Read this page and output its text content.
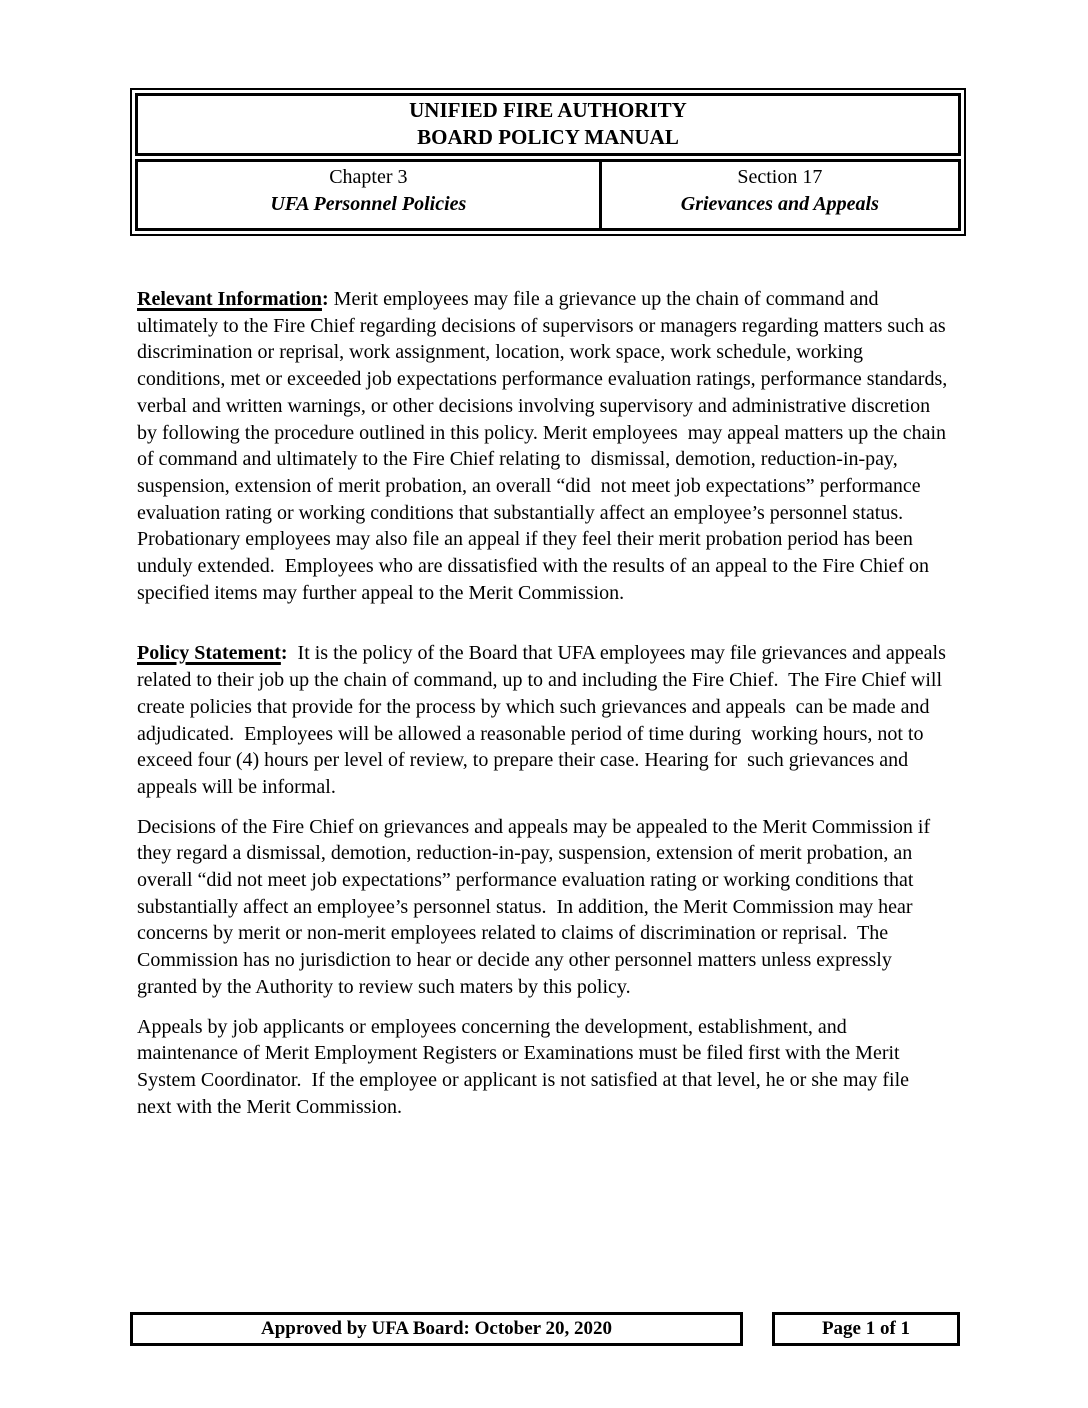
UNIFIED FIRE AUTHORITY
BOARD POLICY MANUAL
Chapter 3
UFA Personnel Policies
Section 17
Grievances and Appeals

Relevant Information: Merit employees may file a grievance up the chain of command and ultimately to the Fire Chief regarding decisions of supervisors or managers regarding matters such as discrimination or reprisal, work assignment, location, work space, work schedule, working conditions, met or exceeded job expectations performance evaluation ratings, performance standards, verbal and written warnings, or other decisions involving supervisory and administrative discretion by following the procedure outlined in this policy. Merit employees  may appeal matters up the chain of command and ultimately to the Fire Chief relating to  dismissal, demotion, reduction-in-pay, suspension, extension of merit probation, an overall “did  not meet job expectations” performance evaluation rating or working conditions that substantially affect an employee’s personnel status.   Probationary employees may also file an appeal if they feel their merit probation period has been unduly extended.  Employees who are dissatisfied with the results of an appeal to the Fire Chief on specified items may further appeal to the Merit Commission.

Policy Statement:  It is the policy of the Board that UFA employees may file grievances and appeals related to their job up the chain of command, up to and including the Fire Chief.  The Fire Chief will create policies that provide for the process by which such grievances and appeals  can be made and adjudicated.  Employees will be allowed a reasonable period of time during  working hours, not to exceed four (4) hours per level of review, to prepare their case. Hearing for  such grievances and appeals will be informal.

Decisions of the Fire Chief on grievances and appeals may be appealed to the Merit Commission if  they regard a dismissal, demotion, reduction-in-pay, suspension, extension of merit probation, an  overall “did not meet job expectations” performance evaluation rating or working conditions that  substantially affect an employee’s personnel status.  In addition, the Merit Commission may hear  concerns by merit or non-merit employees related to claims of discrimination or reprisal.  The   Commission has no jurisdiction to hear or decide any other personnel matters unless expressly  granted by the Authority to review such maters by this policy.

Appeals by job applicants or employees concerning the development, establishment, and maintenance of Merit Employment Registers or Examinations must be filed first with the Merit  System Coordinator.  If the employee or applicant is not satisfied at that level, he or she may file  next with the Merit Commission.

Approved by UFA Board: October 20, 2020	Page 1 of 1
